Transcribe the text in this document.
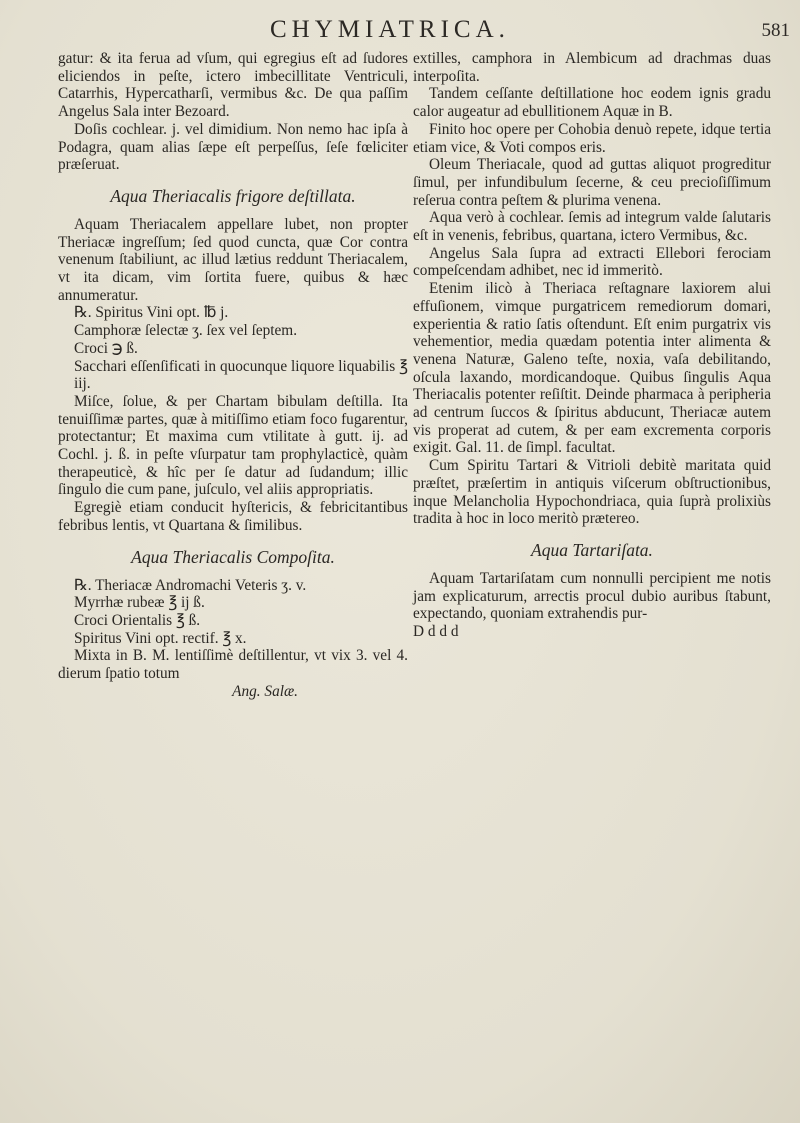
CHYMIATRICA.	581

gatur: & ita ferua ad vſum, qui egregius eſt ad ſudores eliciendos in peſte, ictero imbecillitate Ventriculi, Catarrhis, Hypercatharſi, vermibus &c. De qua paſſim Angelus Sala inter Bezoard.

Doſis cochlear. j. vel dimidium. Non nemo hac ipſa à Podagra, quam alias ſæpe eſt perpeſſus, ſeſe fœliciter præſeruat.

Aqua Theriacalis frigore deſtillata.

Aquam Theriacalem appellare lubet, non propter Theriacæ ingreſſum; ſed quod cuncta, quæ Cor contra venenum ſtabiliunt, ac illud lætius reddunt Theriacalem, vt ita dicam, vim ſortita fuere, quibus & hæc annumeratur.

℞. Spiritus Vini opt. ℔ j.

Camphoræ ſelectæ ʒ. ſex vel ſeptem.

Croci ℈ ß.

Sacchari eſſenſificati in quocunque liquore liquabilis ℥ iij.

Miſce, ſolue, & per Chartam bibulam deſtilla. Ita tenuiſſimæ partes, quæ à mitiſſimo etiam foco fugarentur, protectantur; Et maxima cum vtilitate à gutt. ij. ad Cochl. j. ß. in peſte vſurpatur tam prophylacticè, quàm therapeuticè, & hîc per ſe datur ad ſudandum; illic ſingulo die cum pane, juſculo, vel aliis appropriatis.

Egregiè etiam conducit hyſtericis, & febricitantibus febribus lentis, vt Quartana & ſimilibus.

Aqua Theriacalis Compoſita.

℞. Theriacæ Andromachi Veteris ʒ. v.

Myrrhæ rubeæ ℥ ij ß.

Croci Orientalis ℥ ß.

Spiritus Vini opt. rectif. ℥ x.

Mixta in B. M. lentiſſimè deſtillentur, vt vix 3. vel 4. dierum ſpatio totum

Ang. Salæ.

extilles, camphora in Alembicum ad drachmas duas interpoſita.

Tandem ceſſante deſtillatione hoc eodem ignis gradu calor augeatur ad ebullitionem Aquæ in B.

Finito hoc opere per Cohobia denuò repete, idque tertia etiam vice, & Voti compos eris.

Oleum Theriacale, quod ad guttas aliquot progreditur ſimul, per infundibulum ſecerne, & ceu precioſiſſimum reſerua contra peſtem & plurima venena.

Aqua verò à cochlear. ſemis ad integrum valde ſalutaris eſt in venenis, febribus, quartana, ictero Vermibus, &c.

Angelus Sala ſupra ad extracti Ellebori ferociam compeſcendam adhibet, nec id immeritò.

Etenim ilicò à Theriaca reſtagnare laxiorem alui effuſionem, vimque purgatricem remediorum domari, experientia & ratio ſatis oſtendunt. Eſt enim purgatrix vis vehementior, media quædam potentia inter alimenta & venena Naturæ, Galeno teſte, noxia, vaſa debilitando, oſcula laxando, mordicandoque. Quibus ſingulis Aqua Theriacalis potenter reſiſtit. Deinde pharmaca à peripheria ad centrum ſuccos & ſpiritus abducunt, Theriacæ autem vis properat ad cutem, & per eam excrementa corporis exigit. Gal. 11. de ſimpl. facultat.

Cum Spiritu Tartari & Vitrioli debitè maritata quid præſtet, præſertim in antiquis viſcerum obſtructionibus, inque Melancholia Hypochondriaca, quia ſuprà prolixiùs tradita à hoc in loco meritò prætereo.

Aqua Tartariſata.

Aquam Tartariſatam cum nonnulli percipient me notis jam explicaturum, arrectis procul dubio auribus ſtabunt, expectando, quoniam extrahendis pur-

D d d d
